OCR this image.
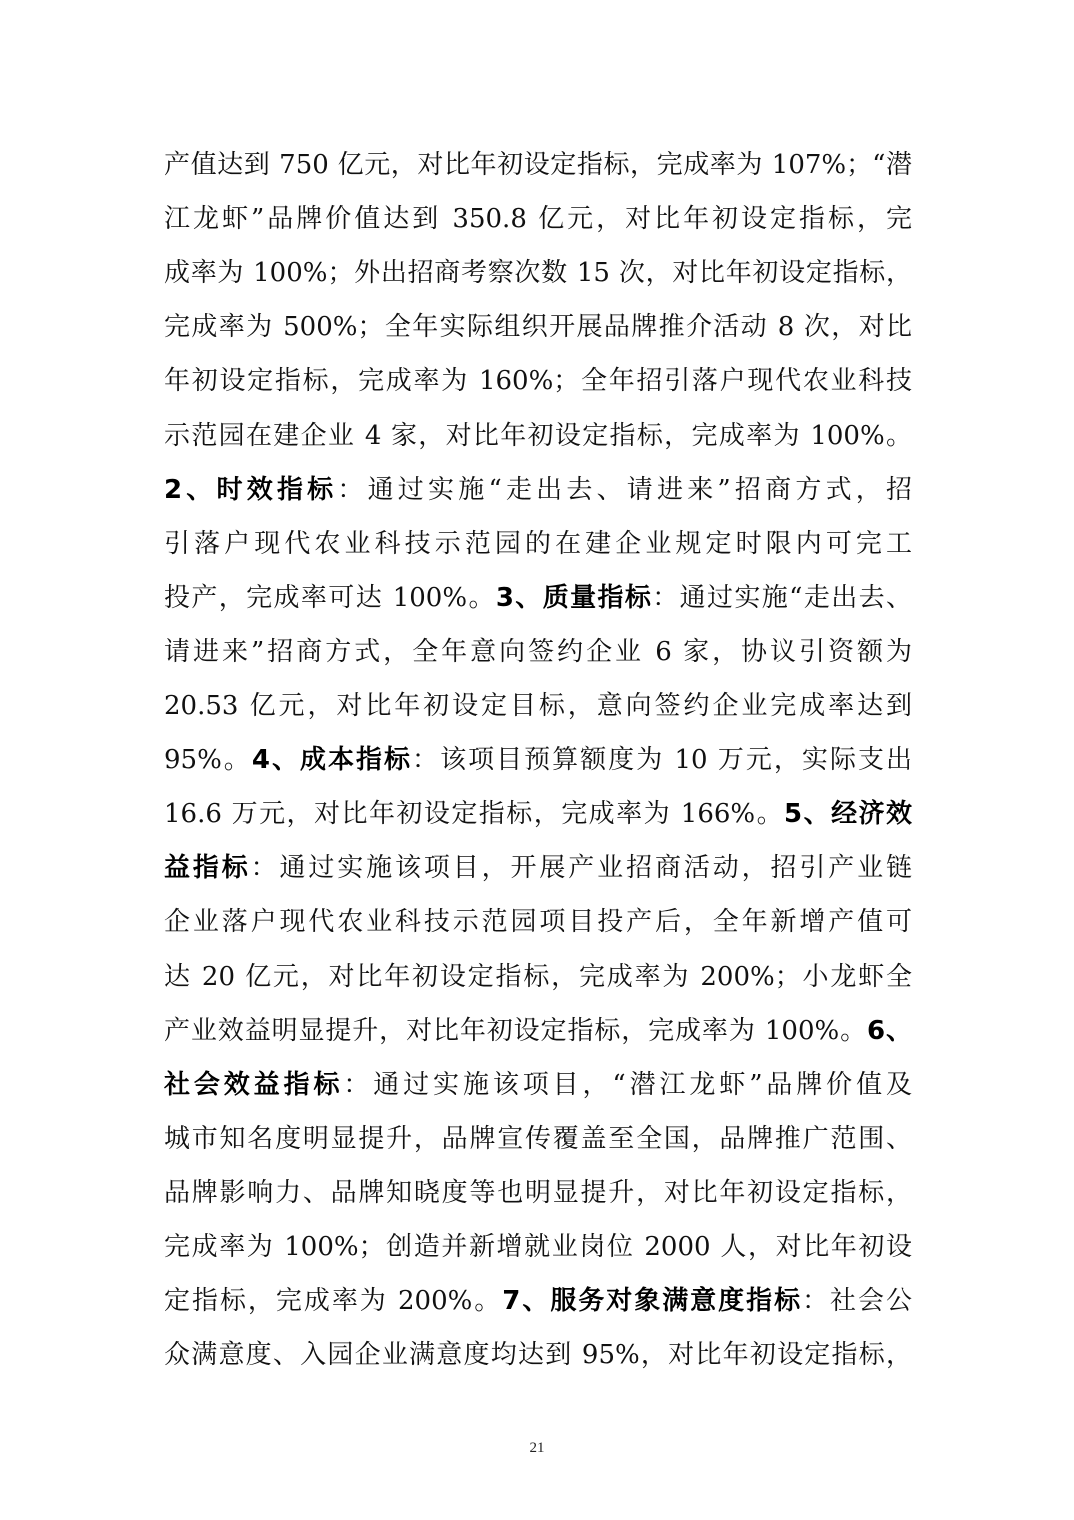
产值达到 750 亿元，对比年初设定指标，完成率为 107%；“潜
江龙虾”品牌价值达到 350.8 亿元，对比年初设定指标，完
成率为 100%；外出招商考察次数 15 次，对比年初设定指标，
完成率为 500%；全年实际组织开展品牌推介活动 8 次，对比
年初设定指标，完成率为 160%；全年招引落户现代农业科技
示范园在建企业 4 家，对比年初设定指标，完成率为 100%。
2、时效指标：通过实施“走出去、请进来”招商方式，招
引落户现代农业科技示范园的在建企业规定时限内可完工
投产，完成率可达 100%。3、质量指标：通过实施“走出去、
请进来”招商方式，全年意向签约企业 6 家，协议引资额为
20.53 亿元，对比年初设定目标，意向签约企业完成率达到
95%。4、成本指标：该项目预算额度为 10 万元，实际支出
16.6 万元，对比年初设定指标，完成率为 166%。5、经济效
益指标：通过实施该项目，开展产业招商活动，招引产业链
企业落户现代农业科技示范园项目投产后，全年新增产值可
达 20 亿元，对比年初设定指标，完成率为 200%；小龙虾全
产业效益明显提升，对比年初设定指标，完成率为 100%。6、
社会效益指标：通过实施该项目，“潜江龙虾”品牌价值及
城市知名度明显提升，品牌宣传覆盖至全国，品牌推广范围、
品牌影响力、品牌知晓度等也明显提升，对比年初设定指标，
完成率为 100%；创造并新增就业岗位 2000 人，对比年初设
定指标，完成率为 200%。7、服务对象满意度指标：社会公
众满意度、入园企业满意度均达到 95%，对比年初设定指标，
21
